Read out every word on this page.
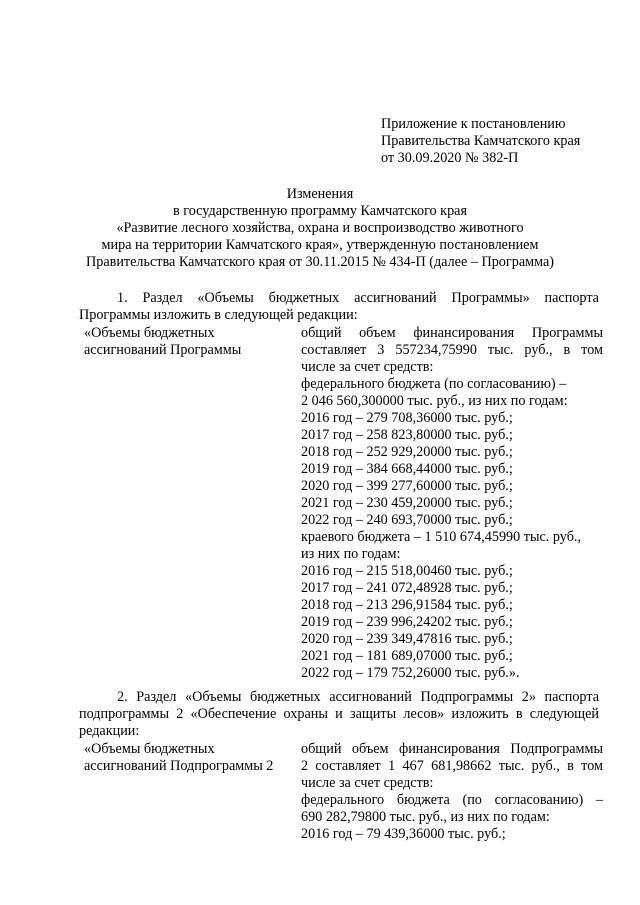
Приложение к постановлению
Правительства Камчатского края
от 30.09.2020 № 382-П
Изменения
в государственную программу Камчатского края
«Развитие лесного хозяйства, охрана и воспроизводство животного
мира на территории Камчатского края», утвержденную постановлением
Правительства Камчатского края от 30.11.2015 № 434-П (далее – Программа)
1. Раздел «Объемы бюджетных ассигнований Программы» паспорта
Программы изложить в следующей редакции:
«Объемы бюджетных
ассигнований Программы
общий объем финансирования Программы
составляет 3 557234,75990 тыс. руб., в том
числе за счет средств:
федерального бюджета (по согласованию) –
2 046 560,300000 тыс. руб., из них по годам:
2016 год – 279 708,36000 тыс. руб.;
2017 год – 258 823,80000 тыс. руб.;
2018 год – 252 929,20000 тыс. руб.;
2019 год – 384 668,44000 тыс. руб.;
2020 год – 399 277,60000 тыс. руб.;
2021 год – 230 459,20000 тыс. руб.;
2022 год – 240 693,70000 тыс. руб.;
краевого бюджета – 1 510 674,45990 тыс. руб.,
из них по годам:
2016 год – 215 518,00460 тыс. руб.;
2017 год – 241 072,48928 тыс. руб.;
2018 год – 213 296,91584 тыс. руб.;
2019 год – 239 996,24202 тыс. руб.;
2020 год – 239 349,47816 тыс. руб.;
2021 год – 181 689,07000 тыс. руб.;
2022 год – 179 752,26000 тыс. руб.».
2. Раздел «Объемы бюджетных ассигнований Подпрограммы 2» паспорта
подпрограммы 2 «Обеспечение охраны и защиты лесов» изложить в следующей
редакции:
«Объемы бюджетных
ассигнований Подпрограммы 2
общий объем финансирования Подпрограммы
2 составляет 1 467 681,98662 тыс. руб., в том
числе за счет средств:
федерального бюджета (по согласованию) –
690 282,79800 тыс. руб., из них по годам:
2016 год – 79 439,36000 тыс. руб.;
